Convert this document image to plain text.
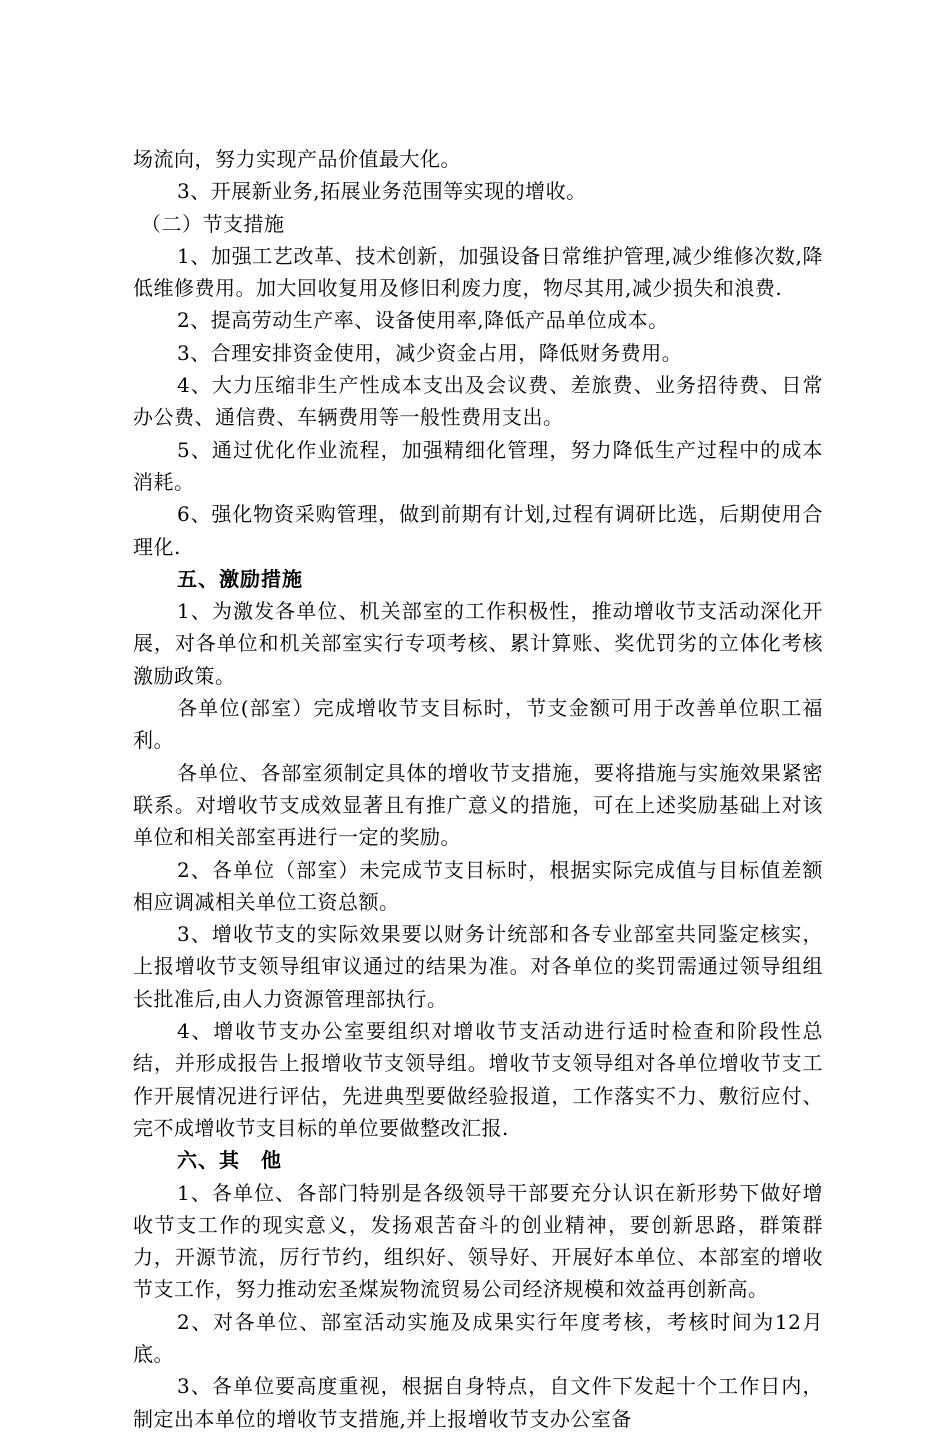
场流向，努力实现产品价值最大化。

3、开展新业务,拓展业务范围等实现的增收。

（二）节支措施

1、加强工艺改革、技术创新，加强设备日常维护管理,减少维修次数,降低维修费用。加大回收复用及修旧利废力度，物尽其用,减少损失和浪费.

2、提高劳动生产率、设备使用率,降低产品单位成本。

3、合理安排资金使用，减少资金占用，降低财务费用。

4、大力压缩非生产性成本支出及会议费、差旅费、业务招待费、日常办公费、通信费、车辆费用等一般性费用支出。

5、通过优化作业流程，加强精细化管理，努力降低生产过程中的成本消耗。

6、强化物资采购管理，做到前期有计划,过程有调研比选，后期使用合理化.

五、激励措施

1、为激发各单位、机关部室的工作积极性，推动增收节支活动深化开展，对各单位和机关部室实行专项考核、累计算账、奖优罚劣的立体化考核激励政策。

各单位(部室）完成增收节支目标时，节支金额可用于改善单位职工福利。

各单位、各部室须制定具体的增收节支措施，要将措施与实施效果紧密联系。对增收节支成效显著且有推广意义的措施，可在上述奖励基础上对该单位和相关部室再进行一定的奖励。

2、各单位（部室）未完成节支目标时，根据实际完成值与目标值差额相应调减相关单位工资总额。

3、增收节支的实际效果要以财务计统部和各专业部室共同鉴定核实，上报增收节支领导组审议通过的结果为准。对各单位的奖罚需通过领导组组长批准后,由人力资源管理部执行。

4、增收节支办公室要组织对增收节支活动进行适时检查和阶段性总结，并形成报告上报增收节支领导组。增收节支领导组对各单位增收节支工作开展情况进行评估，先进典型要做经验报道，工作落实不力、敷衍应付、完不成增收节支目标的单位要做整改汇报.

六、其　他

1、各单位、各部门特别是各级领导干部要充分认识在新形势下做好增收节支工作的现实意义，发扬艰苦奋斗的创业精神，要创新思路，群策群力，开源节流，厉行节约，组织好、领导好、开展好本单位、本部室的增收节支工作，努力推动宏圣煤炭物流贸易公司经济规模和效益再创新高。

2、对各单位、部室活动实施及成果实行年度考核，考核时间为12月底。

3、各单位要高度重视，根据自身特点，自文件下发起十个工作日内，制定出本单位的增收节支措施,并上报增收节支办公室备
